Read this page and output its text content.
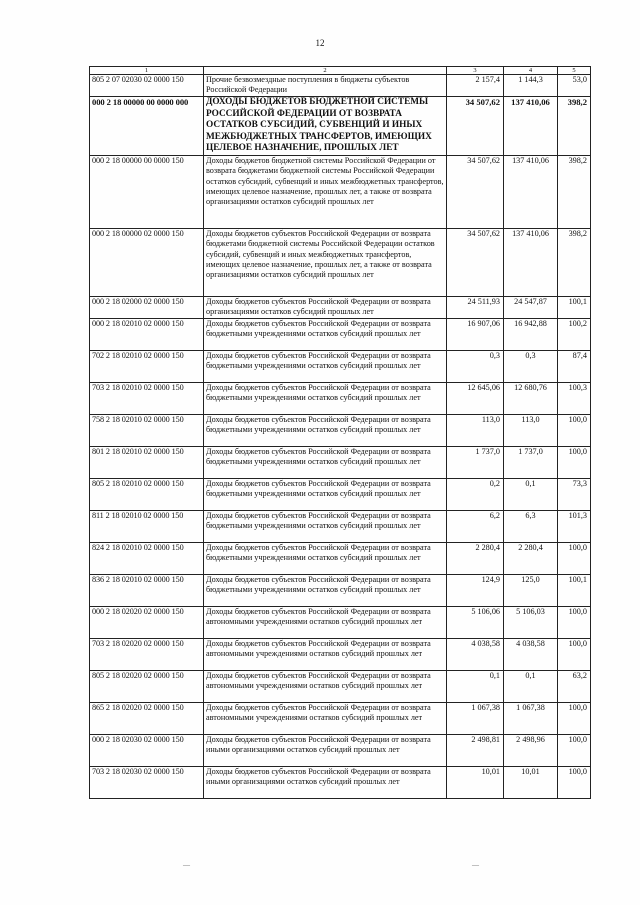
12
1	2	3	4	5
805 2 07 02030 02 0000 150	Прочие безвозмездные поступления в бюджеты субъектов Российской Федерации	2 157,4	1 144,3	53,0
000 2 18 00000 00 0000 000	ДОХОДЫ БЮДЖЕТОВ БЮДЖЕТНОЙ СИСТЕМЫ РОССИЙСКОЙ ФЕДЕРАЦИИ ОТ ВОЗВРАТА ОСТАТКОВ СУБСИДИЙ, СУБВЕНЦИЙ И ИНЫХ МЕЖБЮДЖЕТНЫХ ТРАНСФЕРТОВ, ИМЕЮЩИХ ЦЕЛЕВОЕ НАЗНАЧЕНИЕ, ПРОШЛЫХ ЛЕТ	34 507,62	137 410,06	398,2
000 2 18 00000 00 0000 150	Доходы бюджетов бюджетной системы Российской Федерации от возврата бюджетами бюджетной системы Российской Федерации остатков субсидий, субвенций и иных межбюджетных трансфертов, имеющих целевое назначение, прошлых лет, а также от возврата организациями остатков субсидий прошлых лет	34 507,62	137 410,06	398,2
000 2 18 00000 02 0000 150	Доходы бюджетов субъектов Российской Федерации от возврата бюджетами бюджетной системы Российской Федерации остатков субсидий, субвенций и иных межбюджетных трансфертов, имеющих целевое назначение, прошлых лет, а также от возврата организациями остатков субсидий прошлых лет	34 507,62	137 410,06	398,2
000 2 18 02000 02 0000 150	Доходы бюджетов субъектов Российской Федерации от возврата организациями остатков субсидий прошлых лет	24 511,93	24 547,87	100,1
000 2 18 02010 02 0000 150	Доходы бюджетов субъектов Российской Федерации от возврата бюджетными учреждениями остатков субсидий прошлых лет	16 907,06	16 942,88	100,2
702 2 18 02010 02 0000 150	Доходы бюджетов субъектов Российской Федерации от возврата бюджетными учреждениями остатков субсидий прошлых лет	0,3	0,3	87,4
703 2 18 02010 02 0000 150	Доходы бюджетов субъектов Российской Федерации от возврата бюджетными учреждениями остатков субсидий прошлых лет	12 645,06	12 680,76	100,3
758 2 18 02010 02 0000 150	Доходы бюджетов субъектов Российской Федерации от возврата бюджетными учреждениями остатков субсидий прошлых лет	113,0	113,0	100,0
801 2 18 02010 02 0000 150	Доходы бюджетов субъектов Российской Федерации от возврата бюджетными учреждениями остатков субсидий прошлых лет	1 737,0	1 737,0	100,0
805 2 18 02010 02 0000 150	Доходы бюджетов субъектов Российской Федерации от возврата бюджетными учреждениями остатков субсидий прошлых лет	0,2	0,1	73,3
811 2 18 02010 02 0000 150	Доходы бюджетов субъектов Российской Федерации от возврата бюджетными учреждениями остатков субсидий прошлых лет	6,2	6,3	101,3
824 2 18 02010 02 0000 150	Доходы бюджетов субъектов Российской Федерации от возврата бюджетными учреждениями остатков субсидий прошлых лет	2 280,4	2 280,4	100,0
836 2 18 02010 02 0000 150	Доходы бюджетов субъектов Российской Федерации от возврата бюджетными учреждениями остатков субсидий прошлых лет	124,9	125,0	100,1
000 2 18 02020 02 0000 150	Доходы бюджетов субъектов Российской Федерации от возврата автономными учреждениями остатков субсидий прошлых лет	5 106,06	5 106,03	100,0
703 2 18 02020 02 0000 150	Доходы бюджетов субъектов Российской Федерации от возврата автономными учреждениями остатков субсидий прошлых лет	4 038,58	4 038,58	100,0
805 2 18 02020 02 0000 150	Доходы бюджетов субъектов Российской Федерации от возврата автономными учреждениями остатков субсидий прошлых лет	0,1	0,1	63,2
865 2 18 02020 02 0000 150	Доходы бюджетов субъектов Российской Федерации от возврата автономными учреждениями остатков субсидий прошлых лет	1 067,38	1 067,38	100,0
000 2 18 02030 02 0000 150	Доходы бюджетов субъектов Российской Федерации от возврата иными организациями остатков субсидий прошлых лет	2 498,81	2 498,96	100,0
703 2 18 02030 02 0000 150	Доходы бюджетов субъектов Российской Федерации от возврата иными организациями остатков субсидий прошлых лет	10,01	10,01	100,0
—	—
